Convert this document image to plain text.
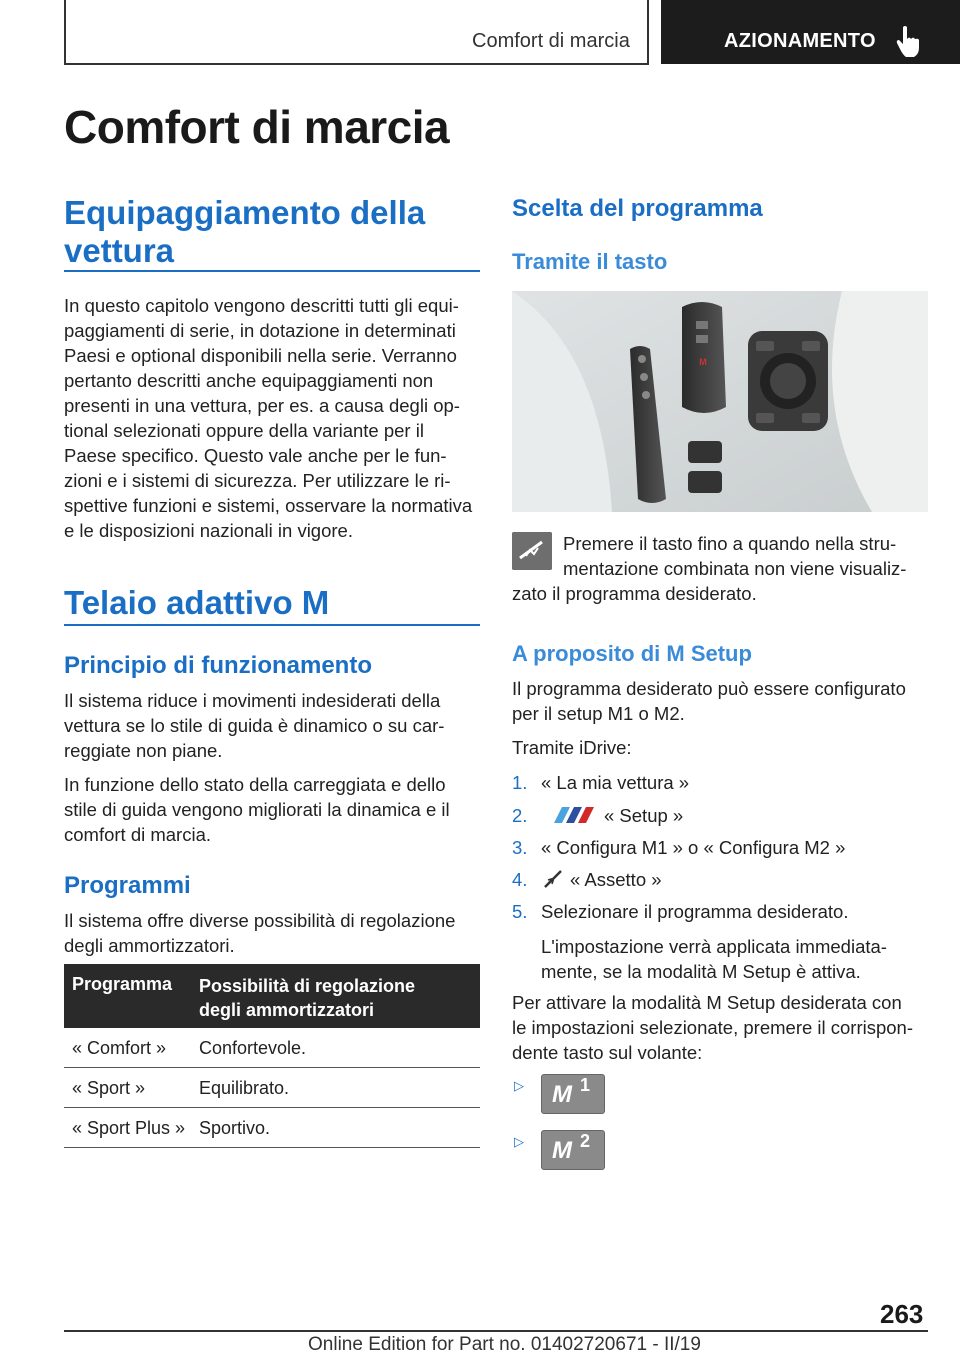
Comfort di marcia	AZIONAMENTO
Comfort di marcia
Equipaggiamento della
vettura
In questo capitolo vengono descritti tutti gli equi-
paggiamenti di serie, in dotazione in determinati
Paesi e optional disponibili nella serie. Verranno
pertanto descritti anche equipaggiamenti non
presenti in una vettura, per es. a causa degli op-
tional selezionati oppure della variante per il
Paese specifico. Questo vale anche per le fun-
zioni e i sistemi di sicurezza. Per utilizzare le ri-
spettive funzioni e sistemi, osservare la normativa
e le disposizioni nazionali in vigore.
Telaio adattivo M
Principio di funzionamento
Il sistema riduce i movimenti indesiderati della
vettura se lo stile di guida è dinamico o su car-
reggiate non piane.
In funzione dello stato della carreggiata e dello
stile di guida vengono migliorati la dinamica e il
comfort di marcia.
Programmi
Il sistema offre diverse possibilità di regolazione
degli ammortizzatori.
Programma Possibilità di regolazione
degli ammortizzatori
« Comfort » Confortevole.
« Sport »	Equilibrato.
« Sport Plus » Sportivo.
Scelta del programma
Tramite il tasto
M
Premere il tasto fino a quando nella stru-
mentazione combinata non viene visualiz-
zato il programma desiderato.
A proposito di M Setup
Il programma desiderato può essere configurato
per il setup M1 o M2.
Tramite iDrive:
1. « La mia vettura »
2.	« Setup »
3. « Configura M1 » o « Configura M2 »
4. « Assetto »
5. Selezionare il programma desiderato.
L'impostazione verrà applicata immediata-
mente, se la modalità M Setup è attiva.
Per attivare la modalità M Setup desiderata con
le impostazioni selezionate, premere il corrispon-
dente tasto sul volante:
▷ M 1
▷ M 2
263
Online Edition for Part no. 01402720671 - II/19
